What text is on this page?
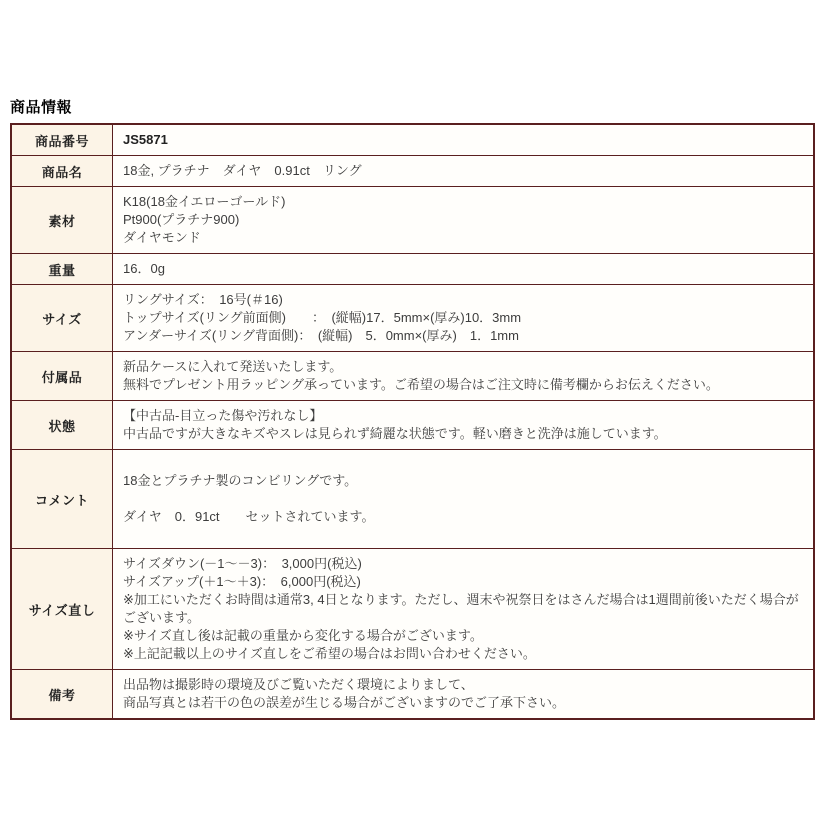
商品情報
商品番号	JS5871

商品名	18金, プラチナ　ダイヤ　0.91ct　リング

素材	K18(18金イエローゴールド)
Pt900(プラチナ900)
ダイヤモンド

重量	16．0g

サイズ	リングサイズ：　16号(＃16)
トップサイズ(リング前面側)　　：　(縦幅)17．5mm×(厚み)10．3mm
アンダーサイズ(リング背面側)：　(縦幅)　5．0mm×(厚み)　1．1mm

付属品	新品ケースに入れて発送いたします。
無料でプレゼント用ラッピング承っています。ご希望の場合はご注文時に備考欄からお伝えください。

状態	【中古品-目立った傷や汚れなし】
中古品ですが大きなキズやスレは見られず綺麗な状態です。軽い磨きと洗浄は施しています。

コメント	18金とプラチナ製のコンビリングです。
ダイヤ　0．91ct　　セットされています。

サイズ直し	サイズダウン(－1～－3)：　3,000円(税込)
サイズアップ(＋1～＋3)：　6,000円(税込)
※加工にいただくお時間は通常3, 4日となります。ただし、週末や祝祭日をはさんだ場合は1週間前後いただく場合がございます。
※サイズ直し後は記載の重量から変化する場合がございます。
※上記記載以上のサイズ直しをご希望の場合はお問い合わせください。

備考	出品物は撮影時の環境及びご覧いただく環境によりまして、
商品写真とは若干の色の誤差が生じる場合がございますのでご了承下さい。
